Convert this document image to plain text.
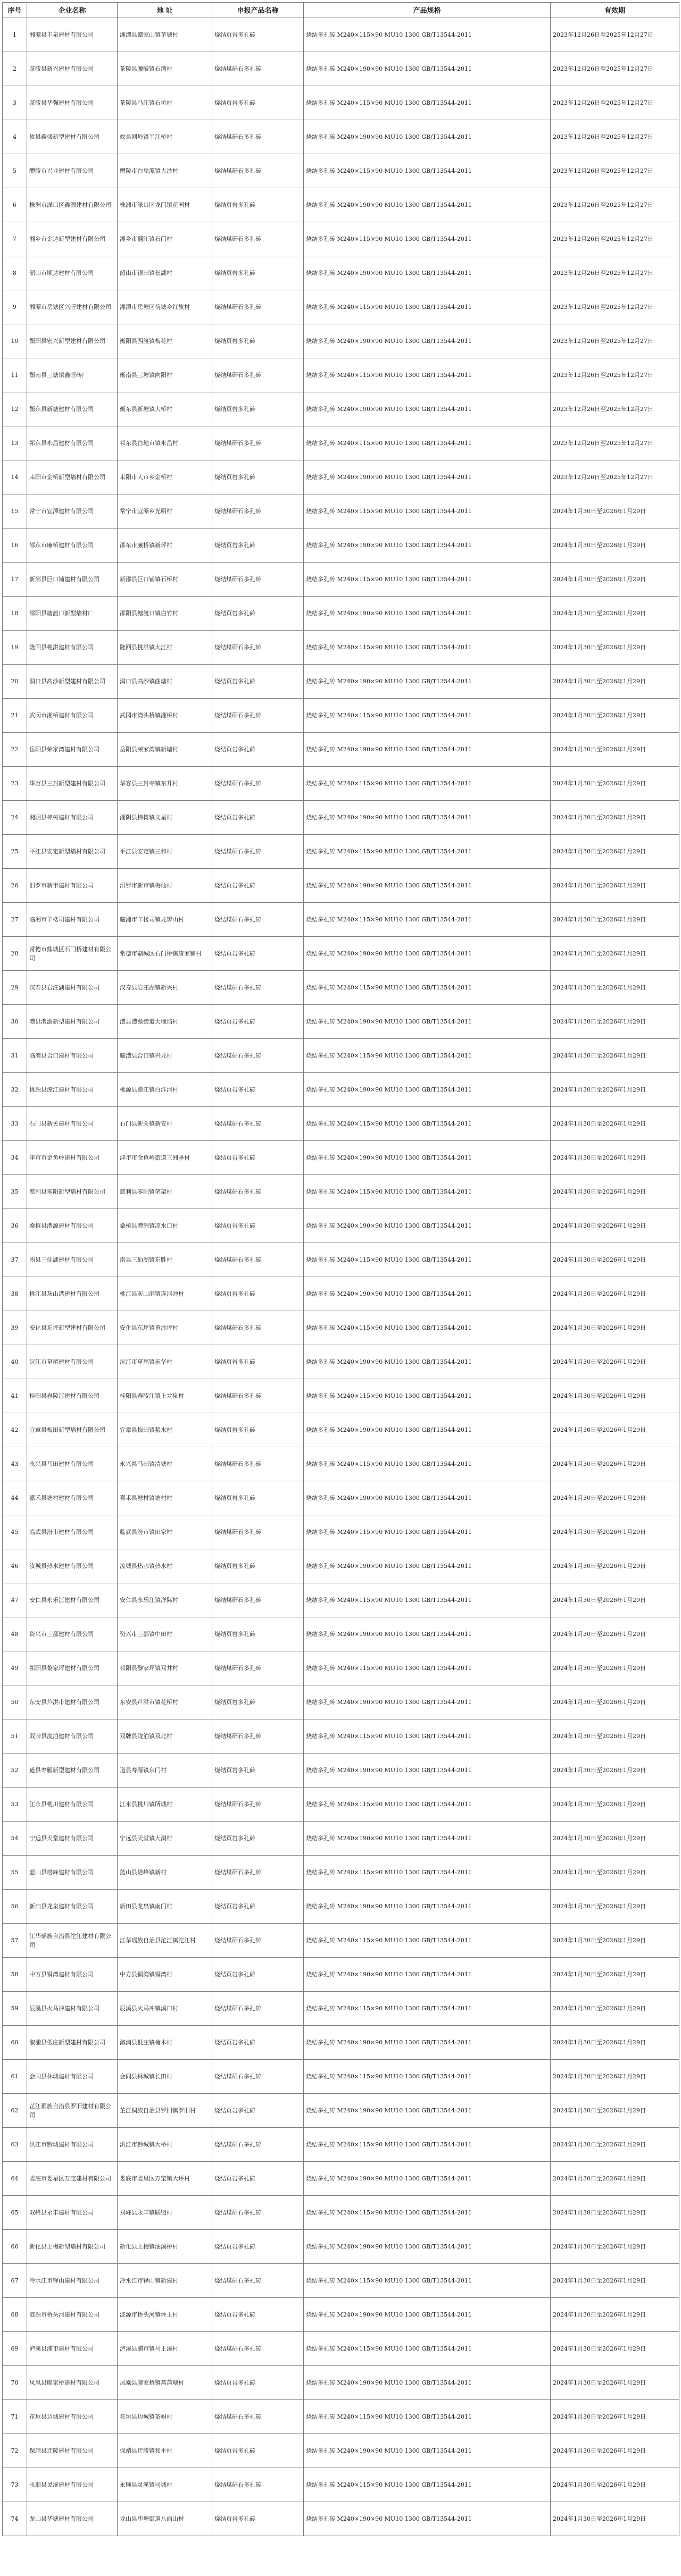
序号	企业名称	地 址	申报产品名称	产品规格	有效期
1	湘潭县丰泉建材有限公司	湘潭县谭家山镇茅塘村	烧结页岩多孔砖	烧结多孔砖 M240×115×90 MU10 1300 GB/T13544-2011	2023年12月26日至2025年12月27日
2	茶陵县新兴建材有限公司	茶陵县腰陂镇石湾村	烧结煤矸石多孔砖	烧结多孔砖 M240×190×90 MU10 1300 GB/T13544-2011	2023年12月26日至2025年12月27日
3	茶陵县华强建材有限公司	茶陵县马江镇石坑村	烧结页岩多孔砖	烧结多孔砖 M240×115×90 MU10 1300 GB/T13544-2011	2023年12月26日至2025年12月27日
4	攸县鑫盛新型建材有限公司	攸县网岭镇丫江桥村	烧结煤矸石多孔砖	烧结多孔砖 M240×190×90 MU10 1300 GB/T13544-2011	2023年12月26日至2025年12月27日
5	醴陵市兴业建材有限公司	醴陵市白兔潭镇大沙村	烧结煤矸石多孔砖	烧结多孔砖 M240×115×90 MU10 1300 GB/T13544-2011	2023年12月26日至2025年12月27日
6	株洲市渌口区鑫源建材有限公司	株洲市渌口区龙门镇花园村	烧结页岩多孔砖	烧结多孔砖 M240×190×90 MU10 1300 GB/T13544-2011	2023年12月26日至2025年12月27日
7	湘乡市金达新型建材有限公司	湘乡市翻江镇石门村	烧结煤矸石多孔砖	烧结多孔砖 M240×115×90 MU10 1300 GB/T13544-2011	2023年12月26日至2025年12月27日
8	韶山市顺达建材有限公司	韶山市银田镇长湖村	烧结页岩多孔砖	烧结多孔砖 M240×190×90 MU10 1300 GB/T13544-2011	2023年12月26日至2025年12月27日
9	湘潭市岳塘区兴旺建材有限公司	湘潭市岳塘区荷塘乡红旗村	烧结煤矸石多孔砖	烧结多孔砖 M240×115×90 MU10 1300 GB/T13544-2011	2023年12月26日至2025年12月27日
10	衡阳县宏兴新型建材有限公司	衡阳县西渡镇梅花村	烧结页岩多孔砖	烧结多孔砖 M240×190×90 MU10 1300 GB/T13544-2011	2023年12月26日至2025年12月27日
11	衡南县三塘镇鑫旺砖厂	衡南县三塘镇向阳村	烧结煤矸石多孔砖	烧结多孔砖 M240×115×90 MU10 1300 GB/T13544-2011	2023年12月26日至2025年12月27日
12	衡东县新塘建材有限公司	衡东县新塘镇大桥村	烧结页岩多孔砖	烧结多孔砖 M240×190×90 MU10 1300 GB/T13544-2011	2023年12月26日至2025年12月27日
13	祁东县永昌建材有限公司	祁东县白地市镇永昌村	烧结煤矸石多孔砖	烧结多孔砖 M240×115×90 MU10 1300 GB/T13544-2011	2023年12月26日至2025年12月27日
14	耒阳市金桥新型墙材有限公司	耒阳市大市乡金桥村	烧结页岩多孔砖	烧结多孔砖 M240×190×90 MU10 1300 GB/T13544-2011	2023年12月26日至2025年12月27日
15	常宁市宜潭建材有限公司	常宁市宜潭乡光明村	烧结煤矸石多孔砖	烧结多孔砖 M240×115×90 MU10 1300 GB/T13544-2011	2024年1月30日至2026年1月29日
16	邵东市廉桥建材有限公司	邵东市廉桥镇新坪村	烧结页岩多孔砖	烧结多孔砖 M240×190×90 MU10 1300 GB/T13544-2011	2024年1月30日至2026年1月29日
17	新邵县巨口铺建材有限公司	新邵县巨口铺镇石桥村	烧结煤矸石多孔砖	烧结多孔砖 M240×115×90 MU10 1300 GB/T13544-2011	2024年1月30日至2026年1月29日
18	邵阳县塘渡口新型墙材厂	邵阳县塘渡口镇白竹村	烧结页岩多孔砖	烧结多孔砖 M240×190×90 MU10 1300 GB/T13544-2011	2024年1月30日至2026年1月29日
19	隆回县桃洪建材有限公司	隆回县桃洪镇大江村	烧结煤矸石多孔砖	烧结多孔砖 M240×115×90 MU10 1300 GB/T13544-2011	2024年1月30日至2026年1月29日
20	洞口县高沙新型建材有限公司	洞口县高沙镇曲塘村	烧结页岩多孔砖	烧结多孔砖 M240×190×90 MU10 1300 GB/T13544-2011	2024年1月30日至2026年1月29日
21	武冈市湘桥建材有限公司	武冈市湾头桥镇湘桥村	烧结煤矸石多孔砖	烧结多孔砖 M240×115×90 MU10 1300 GB/T13544-2011	2024年1月30日至2026年1月29日
22	岳阳县荣家湾建材有限公司	岳阳县荣家湾镇新塘村	烧结页岩多孔砖	烧结多孔砖 M240×190×90 MU10 1300 GB/T13544-2011	2024年1月30日至2026年1月29日
23	华容县三封新型建材有限公司	华容县三封寺镇东升村	烧结煤矸石多孔砖	烧结多孔砖 M240×115×90 MU10 1300 GB/T13544-2011	2024年1月30日至2026年1月29日
24	湘阴县樟树建材有限公司	湘阴县樟树镇文星村	烧结页岩多孔砖	烧结多孔砖 M240×190×90 MU10 1300 GB/T13544-2011	2024年1月30日至2026年1月29日
25	平江县安定新型墙材有限公司	平江县安定镇三和村	烧结煤矸石多孔砖	烧结多孔砖 M240×115×90 MU10 1300 GB/T13544-2011	2024年1月30日至2026年1月29日
26	汨罗市新市建材有限公司	汨罗市新市镇梅仙村	烧结页岩多孔砖	烧结多孔砖 M240×190×90 MU10 1300 GB/T13544-2011	2024年1月30日至2026年1月29日
27	临湘市羊楼司建材有限公司	临湘市羊楼司镇龙窖山村	烧结煤矸石多孔砖	烧结多孔砖 M240×115×90 MU10 1300 GB/T13544-2011	2024年1月30日至2026年1月29日
28	常德市鼎城区石门桥建材有限公司	常德市鼎城区石门桥镇唐家铺村	烧结页岩多孔砖	烧结多孔砖 M240×190×90 MU10 1300 GB/T13544-2011	2024年1月30日至2026年1月29日
29	汉寿县岩汪湖建材有限公司	汉寿县岩汪湖镇新兴村	烧结煤矸石多孔砖	烧结多孔砖 M240×115×90 MU10 1300 GB/T13544-2011	2024年1月30日至2026年1月29日
30	澧县澧澹新型建材有限公司	澧县澧澹街道大堰垱村	烧结页岩多孔砖	烧结多孔砖 M240×190×90 MU10 1300 GB/T13544-2011	2024年1月30日至2026年1月29日
31	临澧县合口建材有限公司	临澧县合口镇兴龙村	烧结煤矸石多孔砖	烧结多孔砖 M240×115×90 MU10 1300 GB/T13544-2011	2024年1月30日至2026年1月29日
32	桃源县漳江建材有限公司	桃源县漳江镇白洋河村	烧结页岩多孔砖	烧结多孔砖 M240×190×90 MU10 1300 GB/T13544-2011	2024年1月30日至2026年1月29日
33	石门县新关建材有限公司	石门县新关镇新安村	烧结煤矸石多孔砖	烧结多孔砖 M240×115×90 MU10 1300 GB/T13544-2011	2024年1月30日至2026年1月29日
34	津市市金鱼岭建材有限公司	津市市金鱼岭街道三洲驿村	烧结页岩多孔砖	烧结多孔砖 M240×190×90 MU10 1300 GB/T13544-2011	2024年1月30日至2026年1月29日
35	慈利县零阳新型墙材有限公司	慈利县零阳镇笔架村	烧结煤矸石多孔砖	烧结多孔砖 M240×115×90 MU10 1300 GB/T13544-2011	2024年1月30日至2026年1月29日
36	桑植县澧源建材有限公司	桑植县澧源镇凉水口村	烧结页岩多孔砖	烧结多孔砖 M240×190×90 MU10 1300 GB/T13544-2011	2024年1月30日至2026年1月29日
37	南县三仙湖建材有限公司	南县三仙湖镇东胜村	烧结煤矸石多孔砖	烧结多孔砖 M240×115×90 MU10 1300 GB/T13544-2011	2024年1月30日至2026年1月29日
38	桃江县灰山港建材有限公司	桃江县灰山港镇连河冲村	烧结页岩多孔砖	烧结多孔砖 M240×190×90 MU10 1300 GB/T13544-2011	2024年1月30日至2026年1月29日
39	安化县东坪新型建材有限公司	安化县东坪镇黄沙坪村	烧结煤矸石多孔砖	烧结多孔砖 M240×115×90 MU10 1300 GB/T13544-2011	2024年1月30日至2026年1月29日
40	沅江市草尾建材有限公司	沅江市草尾镇乐华村	烧结页岩多孔砖	烧结多孔砖 M240×190×90 MU10 1300 GB/T13544-2011	2024年1月30日至2026年1月29日
41	桂阳县舂陵江建材有限公司	桂阳县舂陵江镇上龙泉村	烧结煤矸石多孔砖	烧结多孔砖 M240×115×90 MU10 1300 GB/T13544-2011	2024年1月30日至2026年1月29日
42	宜章县梅田新型墙材有限公司	宜章县梅田镇浆水村	烧结页岩多孔砖	烧结多孔砖 M240×190×90 MU10 1300 GB/T13544-2011	2024年1月30日至2026年1月29日
43	永兴县马田建材有限公司	永兴县马田镇清塘村	烧结煤矸石多孔砖	烧结多孔砖 M240×115×90 MU10 1300 GB/T13544-2011	2024年1月30日至2026年1月29日
44	嘉禾县塘村建材有限公司	嘉禾县塘村镇塘村村	烧结页岩多孔砖	烧结多孔砖 M240×190×90 MU10 1300 GB/T13544-2011	2024年1月30日至2026年1月29日
45	临武县汾市建材有限公司	临武县汾市镇田家村	烧结煤矸石多孔砖	烧结多孔砖 M240×115×90 MU10 1300 GB/T13544-2011	2024年1月30日至2026年1月29日
46	汝城县热水建材有限公司	汝城县热水镇热水村	烧结页岩多孔砖	烧结多孔砖 M240×190×90 MU10 1300 GB/T13544-2011	2024年1月30日至2026年1月29日
47	安仁县永乐江建材有限公司	安仁县永乐江镇洋际村	烧结煤矸石多孔砖	烧结多孔砖 M240×115×90 MU10 1300 GB/T13544-2011	2024年1月30日至2026年1月29日
48	资兴市三都建材有限公司	资兴市三都镇中田村	烧结页岩多孔砖	烧结多孔砖 M240×190×90 MU10 1300 GB/T13544-2011	2024年1月30日至2026年1月29日
49	祁阳县黎家坪建材有限公司	祁阳县黎家坪镇双井村	烧结煤矸石多孔砖	烧结多孔砖 M240×115×90 MU10 1300 GB/T13544-2011	2024年1月30日至2026年1月29日
50	东安县芦洪市建材有限公司	东安县芦洪市镇花桥村	烧结页岩多孔砖	烧结多孔砖 M240×190×90 MU10 1300 GB/T13544-2011	2024年1月30日至2026年1月29日
51	双牌县泷泊建材有限公司	双牌县泷泊镇双北村	烧结煤矸石多孔砖	烧结多孔砖 M240×115×90 MU10 1300 GB/T13544-2011	2024年1月30日至2026年1月29日
52	道县寿雁新型建材有限公司	道县寿雁镇东门村	烧结页岩多孔砖	烧结多孔砖 M240×190×90 MU10 1300 GB/T13544-2011	2024年1月30日至2026年1月29日
53	江永县桃川建材有限公司	江永县桃川镇所城村	烧结煤矸石多孔砖	烧结多孔砖 M240×115×90 MU10 1300 GB/T13544-2011	2024年1月30日至2026年1月29日
54	宁远县天堂建材有限公司	宁远县天堂镇大洞村	烧结页岩多孔砖	烧结多孔砖 M240×190×90 MU10 1300 GB/T13544-2011	2024年1月30日至2026年1月29日
55	蓝山县塔峰建材有限公司	蓝山县塔峰镇新村	烧结煤矸石多孔砖	烧结多孔砖 M240×115×90 MU10 1300 GB/T13544-2011	2024年1月30日至2026年1月29日
56	新田县龙泉建材有限公司	新田县龙泉镇南门村	烧结页岩多孔砖	烧结多孔砖 M240×190×90 MU10 1300 GB/T13544-2011	2024年1月30日至2026年1月29日
57	江华瑶族自治县沱江建材有限公司	江华瑶族自治县沱江镇沱江村	烧结煤矸石多孔砖	烧结多孔砖 M240×115×90 MU10 1300 GB/T13544-2011	2024年1月30日至2026年1月29日
58	中方县铜湾建材有限公司	中方县铜湾镇铜湾村	烧结页岩多孔砖	烧结多孔砖 M240×190×90 MU10 1300 GB/T13544-2011	2024年1月30日至2026年1月29日
59	辰溪县火马冲建材有限公司	辰溪县火马冲镇溪口村	烧结煤矸石多孔砖	烧结多孔砖 M240×115×90 MU10 1300 GB/T13544-2011	2024年1月30日至2026年1月29日
60	溆浦县低庄新型建材有限公司	溆浦县低庄镇楠木村	烧结页岩多孔砖	烧结多孔砖 M240×190×90 MU10 1300 GB/T13544-2011	2024年1月30日至2026年1月29日
61	会同县林城建材有限公司	会同县林城镇长田村	烧结煤矸石多孔砖	烧结多孔砖 M240×115×90 MU10 1300 GB/T13544-2011	2024年1月30日至2026年1月29日
62	芷江侗族自治县罗旧建材有限公司	芷江侗族自治县罗旧镇罗旧村	烧结页岩多孔砖	烧结多孔砖 M240×190×90 MU10 1300 GB/T13544-2011	2024年1月30日至2026年1月29日
63	洪江市黔城建材有限公司	洪江市黔城镇大桥村	烧结煤矸石多孔砖	烧结多孔砖 M240×115×90 MU10 1300 GB/T13544-2011	2024年1月30日至2026年1月29日
64	娄底市娄星区万宝建材有限公司	娄底市娄星区万宝镇大坪村	烧结页岩多孔砖	烧结多孔砖 M240×190×90 MU10 1300 GB/T13544-2011	2024年1月30日至2026年1月29日
65	双峰县永丰建材有限公司	双峰县永丰镇联盟村	烧结煤矸石多孔砖	烧结多孔砖 M240×115×90 MU10 1300 GB/T13544-2011	2024年1月30日至2026年1月29日
66	新化县上梅新型墙材有限公司	新化县上梅镇油溪桥村	烧结页岩多孔砖	烧结多孔砖 M240×190×90 MU10 1300 GB/T13544-2011	2024年1月30日至2026年1月29日
67	冷水江市铎山建材有限公司	冷水江市铎山镇新建村	烧结煤矸石多孔砖	烧结多孔砖 M240×115×90 MU10 1300 GB/T13544-2011	2024年1月30日至2026年1月29日
68	涟源市桥头河建材有限公司	涟源市桥头河镇坪上村	烧结页岩多孔砖	烧结多孔砖 M240×190×90 MU10 1300 GB/T13544-2011	2024年1月30日至2026年1月29日
69	泸溪县浦市建材有限公司	泸溪县浦市镇马王溪村	烧结煤矸石多孔砖	烧结多孔砖 M240×115×90 MU10 1300 GB/T13544-2011	2024年1月30日至2026年1月29日
70	凤凰县廖家桥建材有限公司	凤凰县廖家桥镇菖蒲塘村	烧结页岩多孔砖	烧结多孔砖 M240×190×90 MU10 1300 GB/T13544-2011	2024年1月30日至2026年1月29日
71	花垣县边城建材有限公司	花垣县边城镇茶峒村	烧结煤矸石多孔砖	烧结多孔砖 M240×115×90 MU10 1300 GB/T13544-2011	2024年1月30日至2026年1月29日
72	保靖县迁陵建材有限公司	保靖县迁陵镇和平村	烧结页岩多孔砖	烧结多孔砖 M240×190×90 MU10 1300 GB/T13544-2011	2024年1月30日至2026年1月29日
73	永顺县灵溪建材有限公司	永顺县灵溪镇司城村	烧结煤矸石多孔砖	烧结多孔砖 M240×115×90 MU10 1300 GB/T13544-2011	2024年1月30日至2026年1月29日
74	龙山县华塘建材有限公司	龙山县华塘街道八面山村	烧结页岩多孔砖	烧结多孔砖 M240×190×90 MU10 1300 GB/T13544-2011	2024年1月30日至2026年1月29日
